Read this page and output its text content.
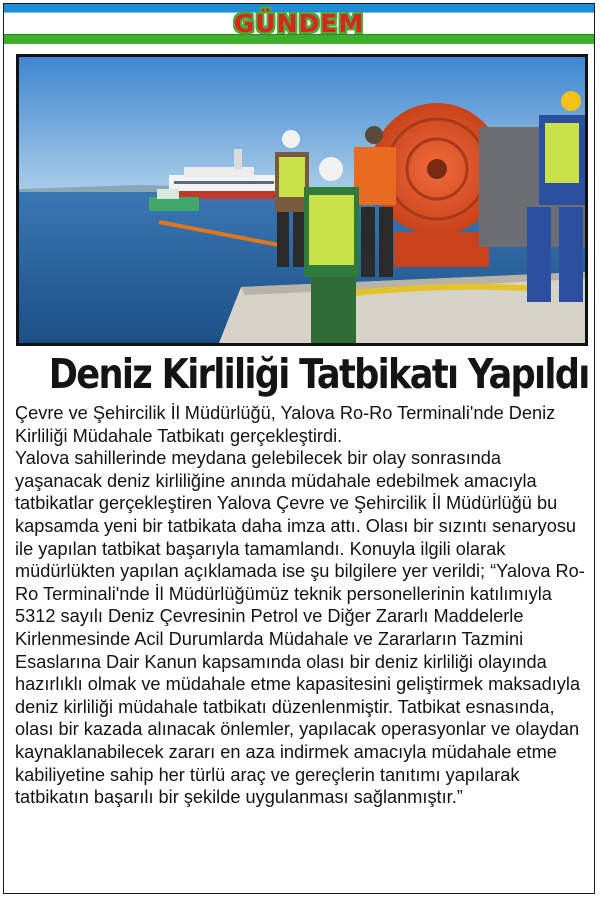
GÜNDEM
Deniz Kirliliği Tatbikatı Yapıldı

Çevre ve Şehircilik İl Müdürlüğü, Yalova Ro-Ro Terminali'nde Deniz Kirliliği Müdahale Tatbikatı gerçekleştirdi.

Yalova sahillerinde meydana gelebilecek bir olay sonrasında yaşanacak deniz kirliliğine anında müdahale edebilmek amacıyla tatbikatlar gerçekleştiren Yalova Çevre ve Şehircilik İl Müdürlüğü bu kapsamda yeni bir tatbikata daha imza attı. Olası bir sızıntı senaryosu ile yapılan tatbikat başarıyla tamamlandı. Konuyla ilgili olarak müdürlükten yapılan açıklamada ise şu bilgilere yer verildi; “Yalova Ro-Ro Terminali'nde İl Müdürlüğümüz teknik personellerinin katılımıyla 5312 sayılı Deniz Çevresinin Petrol ve Diğer Zararlı Maddelerle Kirlenmesinde Acil Durumlarda Müdahale ve Zararların Tazmini Esaslarına Dair Kanun kapsamında olası bir deniz kirliliği olayında hazırlıklı olmak ve müdahale etme kapasitesini geliştirmek maksadıyla deniz kirliliği müdahale tatbikatı düzenlenmiştir. Tatbikat esnasında, olası bir kazada alınacak önlemler, yapılacak operasyonlar ve olaydan kaynaklanabilecek zararı en aza indirmek amacıyla müdahale etme kabiliyetine sahip her türlü araç ve gereçlerin tanıtımı yapılarak tatbikatın başarılı bir şekilde uygulanması sağlanmıştır.”
